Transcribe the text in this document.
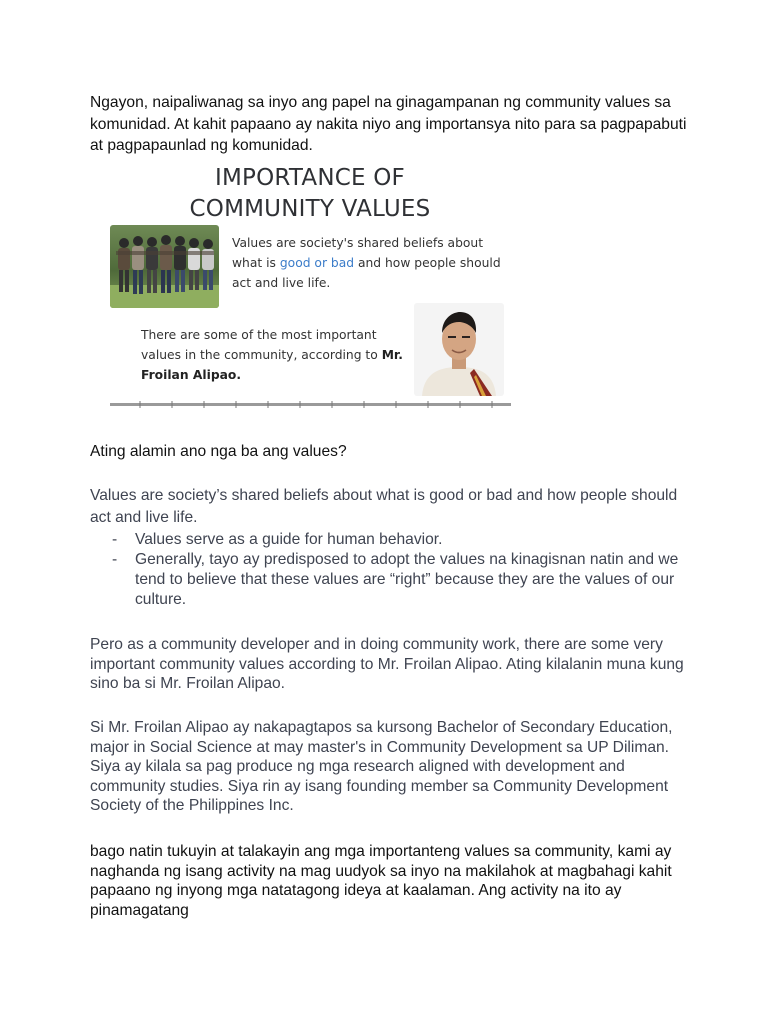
Ngayon, naipaliwanag sa inyo ang papel na ginagampanan ng community values sa komunidad. At kahit papaano ay nakita niyo ang importansya nito para sa pagpapabuti at pagpapaunlad ng komunidad.

IMPORTANCE OF
COMMUNITY VALUES
Values are society's shared beliefs about what is good or bad and how people should act and live life.
There are some of the most important values in the community, according to Mr. Froilan Alipao.

Ating alamin ano nga ba ang values?

Values are society’s shared beliefs about what is good or bad and how people should act and live life.

- Values serve as a guide for human behavior.
- Generally, tayo ay predisposed to adopt the values na kinagisnan natin and we tend to believe that these values are “right” because they are the values of our culture.

Pero as a community developer and in doing community work, there are some very important community values according to Mr. Froilan Alipao. Ating kilalanin muna kung sino ba si Mr. Froilan Alipao.

Si Mr. Froilan Alipao ay nakapagtapos sa kursong Bachelor of Secondary Education, major in Social Science at may master's in Community Development sa UP Diliman. Siya ay kilala sa pag produce ng mga research aligned with development and community studies. Siya rin ay isang founding member sa Community Development Society of the Philippines Inc.

bago natin tukuyin at talakayin ang mga importanteng values sa community, kami ay naghanda ng isang activity na mag uudyok sa inyo na makilahok at magbahagi kahit papaano ng inyong mga natatagong ideya at kaalaman. Ang activity na ito ay pinamagatang
